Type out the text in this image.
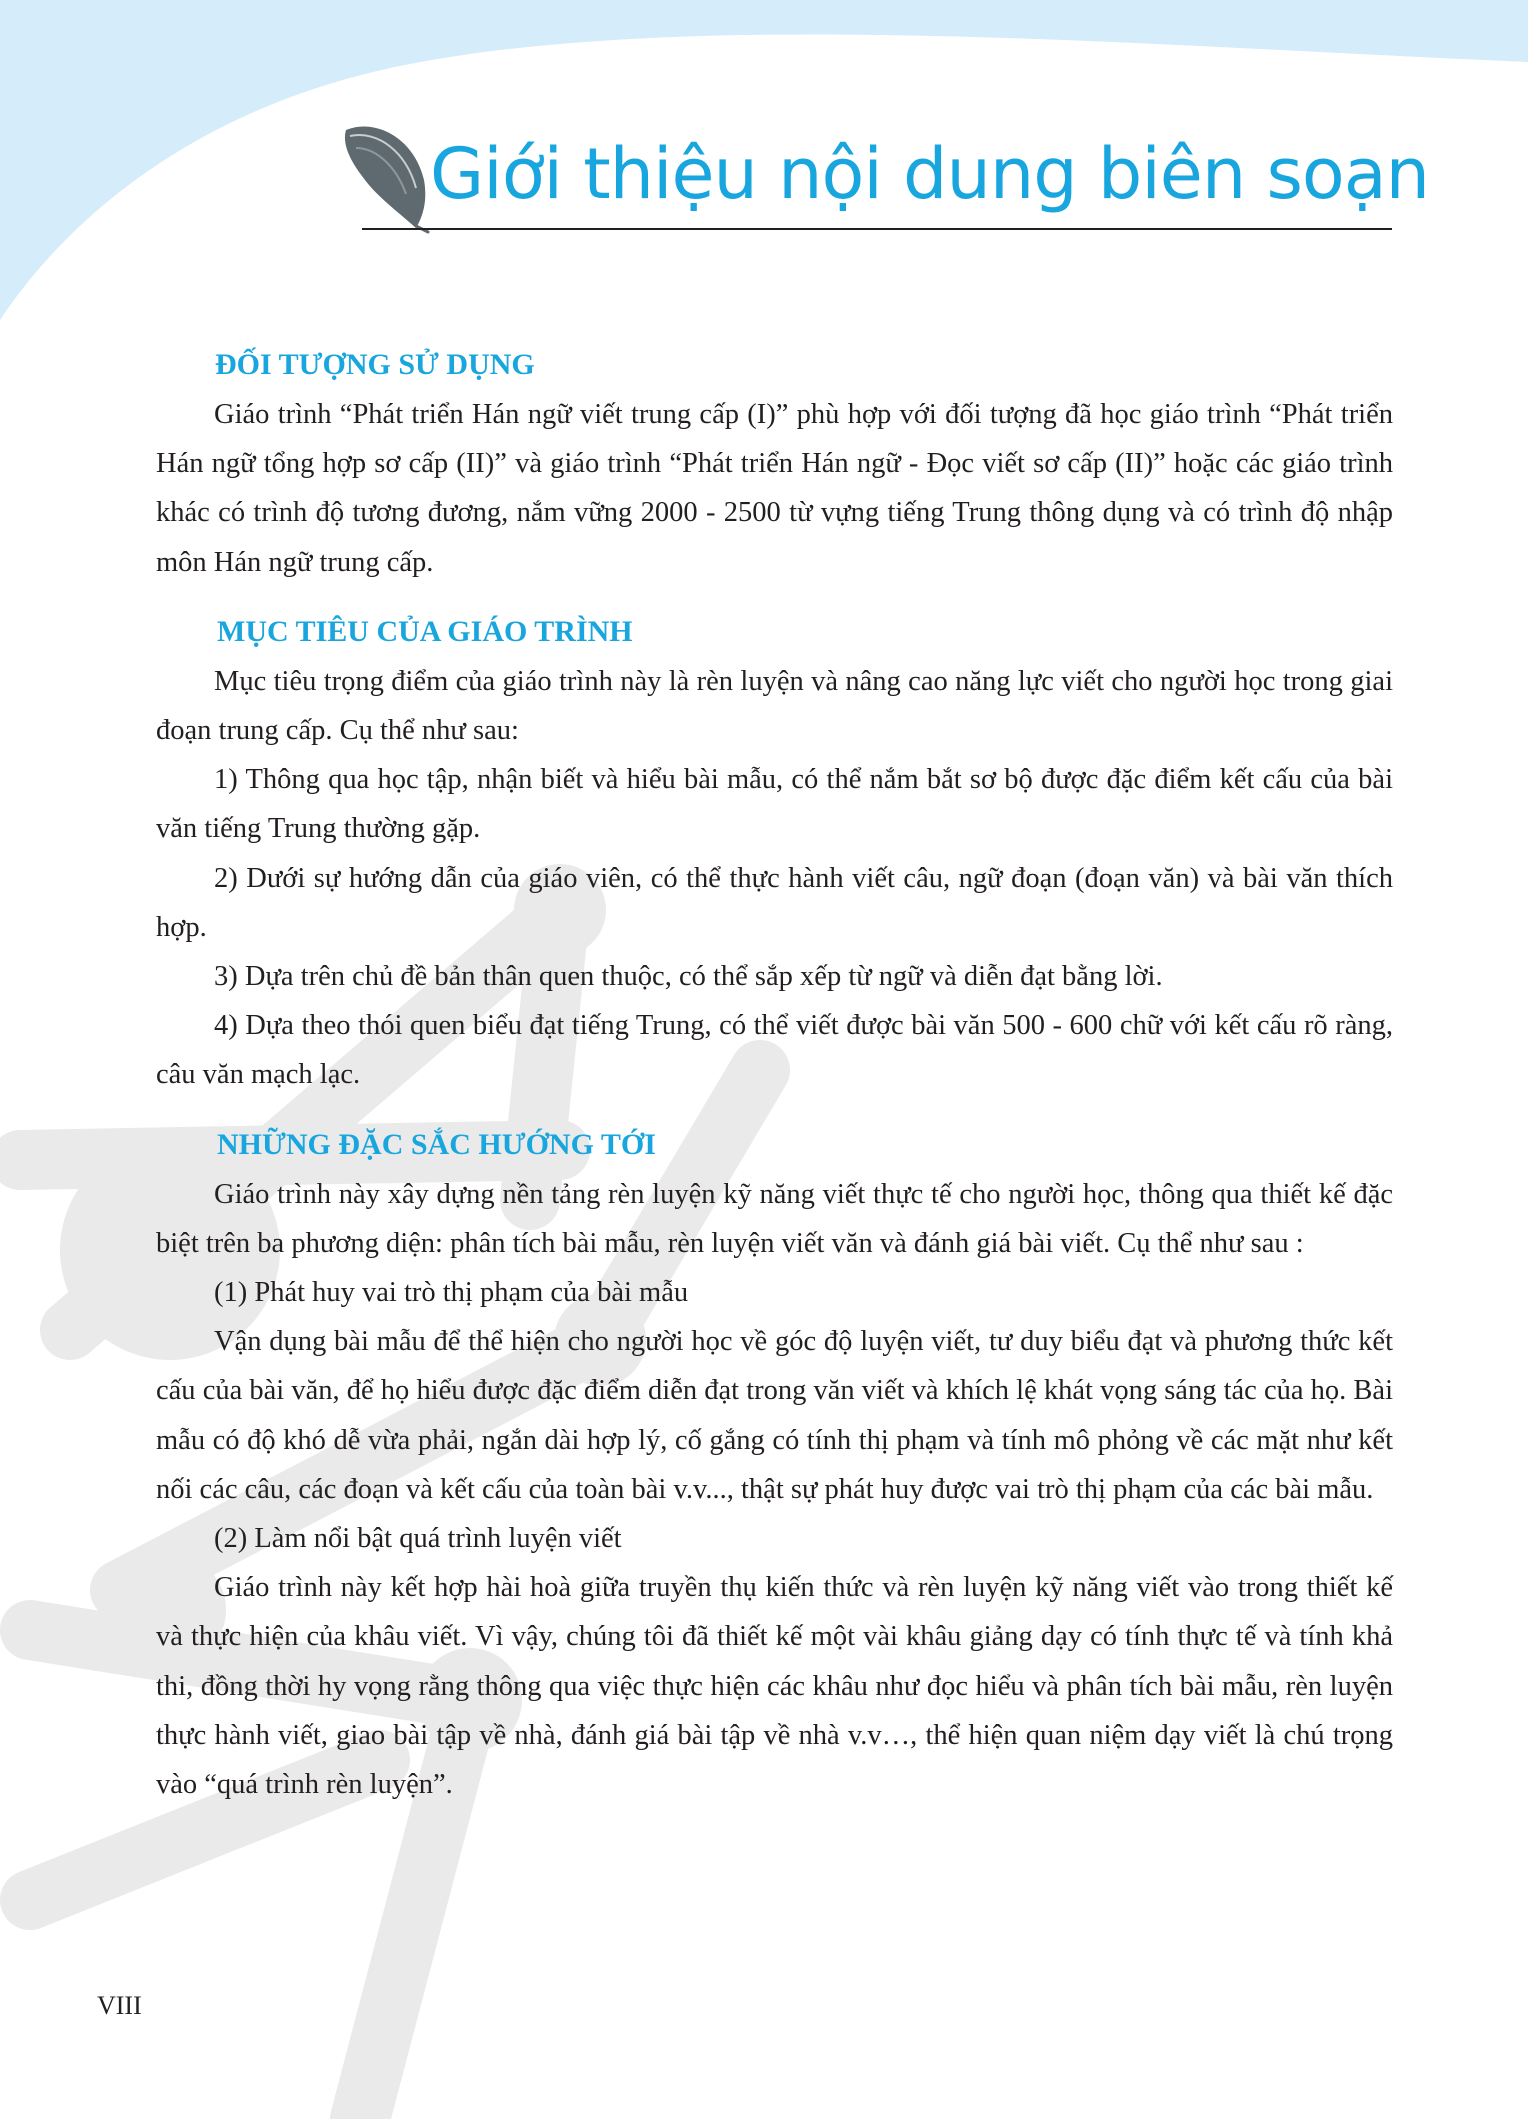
Giới thiệu nội dung biên soạn
ĐỐI TƯỢNG SỬ DỤNG

Giáo trình “Phát triển Hán ngữ viết trung cấp (I)” phù hợp với đối tượng đã học giáo trình “Phát triển Hán ngữ tổng hợp sơ cấp (II)” và giáo trình “Phát triển Hán ngữ - Đọc viết sơ cấp (II)” hoặc các giáo trình khác có trình độ tương đương, nắm vững 2000 - 2500 từ vựng tiếng Trung thông dụng và có trình độ nhập môn Hán ngữ trung cấp.

MỤC TIÊU CỦA GIÁO TRÌNH

Mục tiêu trọng điểm của giáo trình này là rèn luyện và nâng cao năng lực viết cho người học trong giai đoạn trung cấp. Cụ thể như sau:

1) Thông qua học tập, nhận biết và hiểu bài mẫu, có thể nắm bắt sơ bộ được đặc điểm kết cấu của bài văn tiếng Trung thường gặp.

2) Dưới sự hướng dẫn của giáo viên, có thể thực hành viết câu, ngữ đoạn (đoạn văn) và bài văn thích hợp.

3) Dựa trên chủ đề bản thân quen thuộc, có thể sắp xếp từ ngữ và diễn đạt bằng lời.

4) Dựa theo thói quen biểu đạt tiếng Trung, có thể viết được bài văn 500 - 600 chữ với kết cấu rõ ràng, câu văn mạch lạc.

NHỮNG ĐẶC SẮC HƯỚNG TỚI

Giáo trình này xây dựng nền tảng rèn luyện kỹ năng viết thực tế cho người học, thông qua thiết kế đặc biệt trên ba phương diện: phân tích bài mẫu, rèn luyện viết văn và đánh giá bài viết. Cụ thể như sau :

(1) Phát huy vai trò thị phạm của bài mẫu

Vận dụng bài mẫu để thể hiện cho người học về góc độ luyện viết, tư duy biểu đạt và phương thức kết cấu của bài văn, để họ hiểu được đặc điểm diễn đạt trong văn viết và khích lệ khát vọng sáng tác của họ. Bài mẫu có độ khó dễ vừa phải, ngắn dài hợp lý, cố gắng có tính thị phạm và tính mô phỏng về các mặt như kết nối các câu, các đoạn và kết cấu của toàn bài v.v..., thật sự phát huy được vai trò thị phạm của các bài mẫu.

(2) Làm nổi bật quá trình luyện viết

Giáo trình này kết hợp hài hoà giữa truyền thụ kiến thức và rèn luyện kỹ năng viết vào trong thiết kế và thực hiện của khâu viết. Vì vậy, chúng tôi đã thiết kế một vài khâu giảng dạy có tính thực tế và tính khả thi, đồng thời hy vọng rằng thông qua việc thực hiện các khâu như đọc hiểu và phân tích bài mẫu, rèn luyện thực hành viết, giao bài tập về nhà, đánh giá bài tập về nhà v.v…, thể hiện quan niệm dạy viết là chú trọng vào “quá trình rèn luyện”.

VIII
